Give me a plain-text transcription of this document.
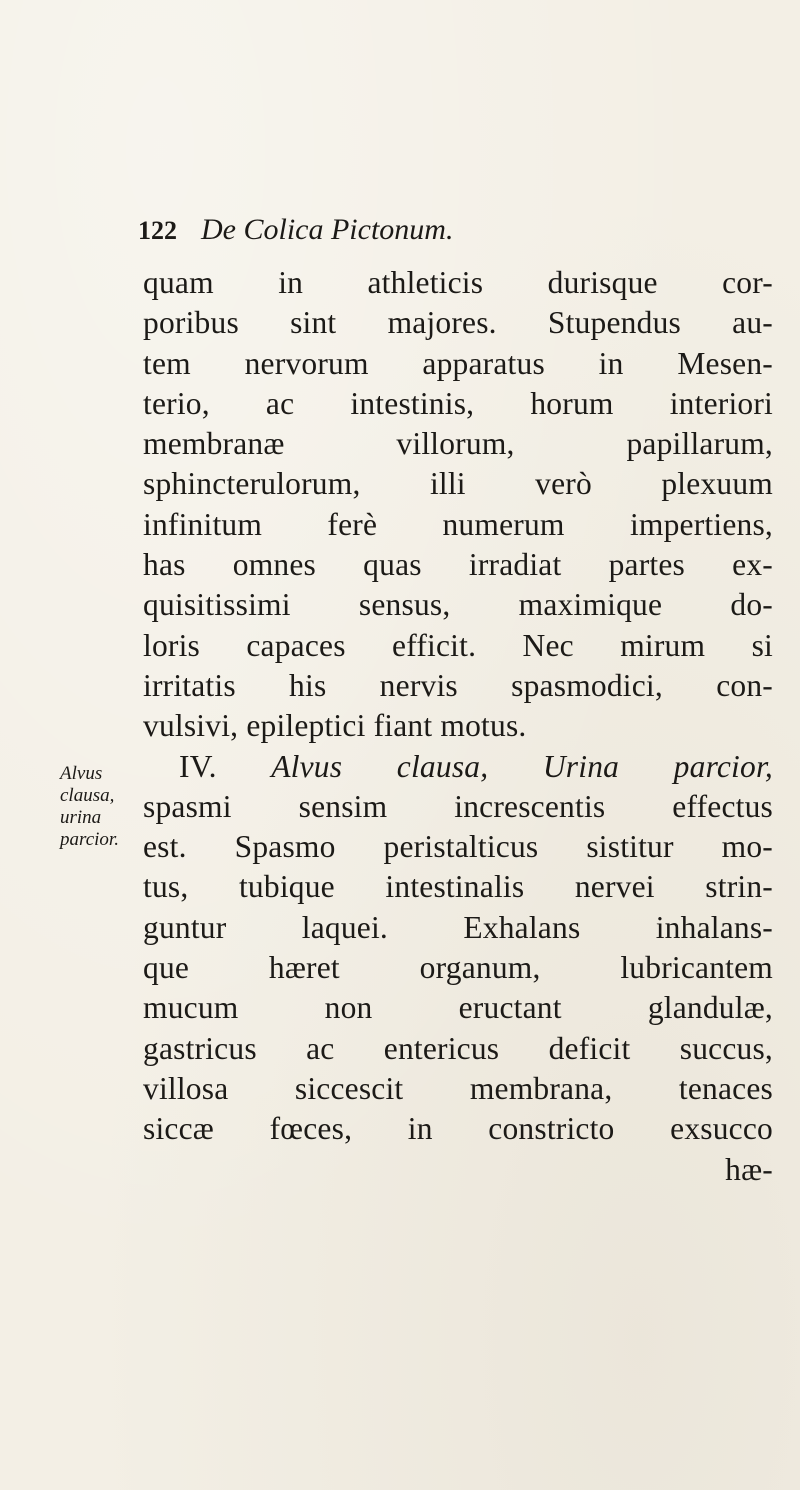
122 De Colica Pictonum.
Alvus
clausa,
urina
parcior.
quam in athleticis durisque cor-
poribus sint majores. Stupendus au-
tem nervorum apparatus in Mesen-
terio, ac intestinis, horum interiori
membranæ villorum, papillarum,
sphincterulorum, illi verò plexuum
infinitum ferè numerum impertiens,
has omnes quas irradiat partes ex-
quisitissimi sensus, maximique do-
loris capaces efficit. Nec mirum si
irritatis his nervis spasmodici, con-
vulsivi, epileptici fiant motus.
IV. Alvus clausa, Urina parcior,
spasmi sensim increscentis effectus
est. Spasmo peristalticus sistitur mo-
tus, tubique intestinalis nervei strin-
guntur laquei. Exhalans inhalans-
que hæret organum, lubricantem
mucum non eructant glandulæ,
gastricus ac entericus deficit succus,
villosa siccescit membrana, tenaces
siccæ fœces, in constricto exsucco
hæ-
